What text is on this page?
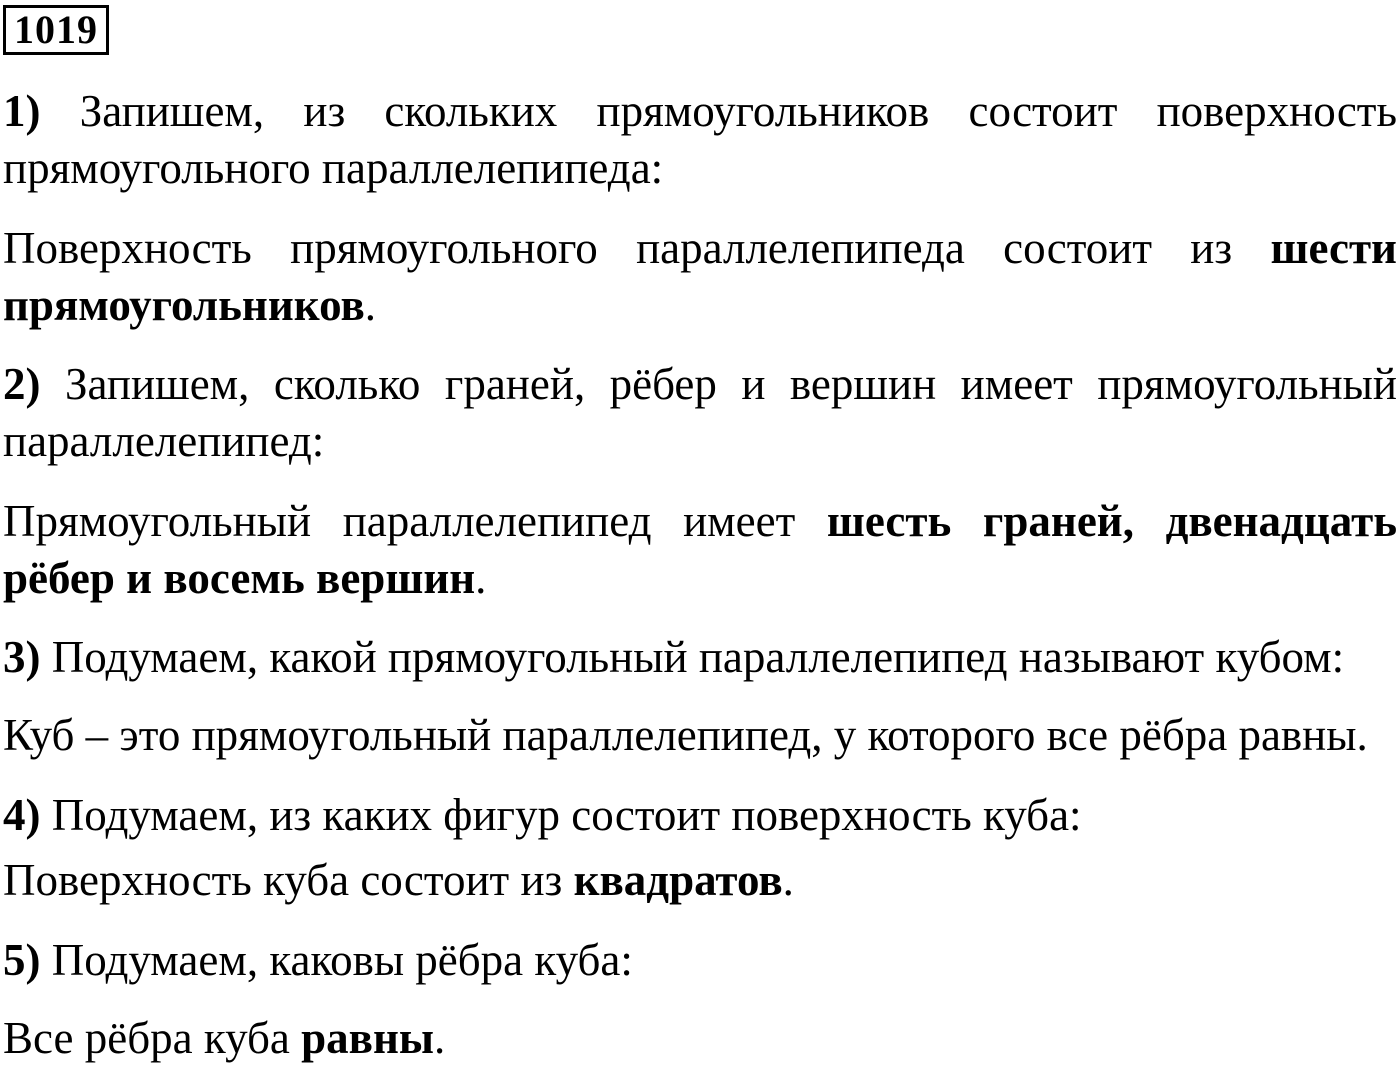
1019

1) Запишем, из скольких прямоугольников состоит поверхность прямоугольного параллелепипеда:

Поверхность прямоугольного параллелепипеда состоит из шести прямоугольников.

2) Запишем, сколько граней, рёбер и вершин имеет прямоугольный параллелепипед:

Прямоугольный параллелепипед имеет шесть граней, двенадцать рёбер и восемь вершин.

3) Подумаем, какой прямоугольный параллелепипед называют кубом:

Куб – это прямоугольный параллелепипед, у которого все рёбра равны.

4) Подумаем, из каких фигур состоит поверхность куба:

Поверхность куба состоит из квадратов.

5) Подумаем, каковы рёбра куба:

Все рёбра куба равны.
